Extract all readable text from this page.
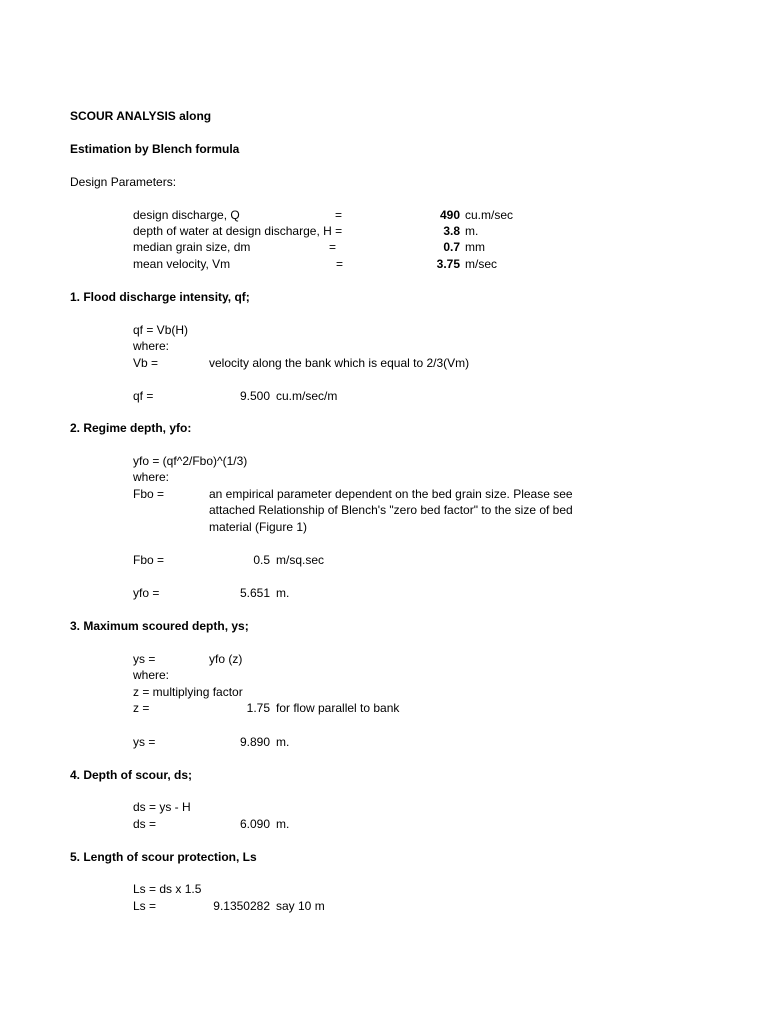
SCOUR ANALYSIS along
Estimation by Blench formula
Design Parameters:
design discharge, Q	=	490 cu.m/sec
depth of water at design discharge, H =	3.8 m.
median grain size, dm	=	0.7 mm
mean velocity, Vm	=	3.75 m/sec
1. Flood discharge intensity, qf;
qf = Vb(H)
where:
Vb =	velocity along the bank which is equal to 2/3(Vm)
qf =	9.500 cu.m/sec/m
2. Regime depth, yfo:
yfo = (qf^2/Fbo)^(1/3)
where:
Fbo =	an empirical parameter dependent on the bed grain size. Please see
attached Relationship of Blench's "zero bed factor" to the size of bed
material (Figure 1)
Fbo =	0.5 m/sq.sec
yfo =	5.651 m.
3. Maximum scoured depth, ys;
ys =	yfo (z)
where:
z = multiplying factor
z =	1.75 for flow parallel to bank
ys =	9.890 m.
4. Depth of scour, ds;
ds = ys - H
ds =	6.090 m.
5. Length of scour protection, Ls
Ls = ds x 1.5
Ls =	9.1350282 say 10 m
